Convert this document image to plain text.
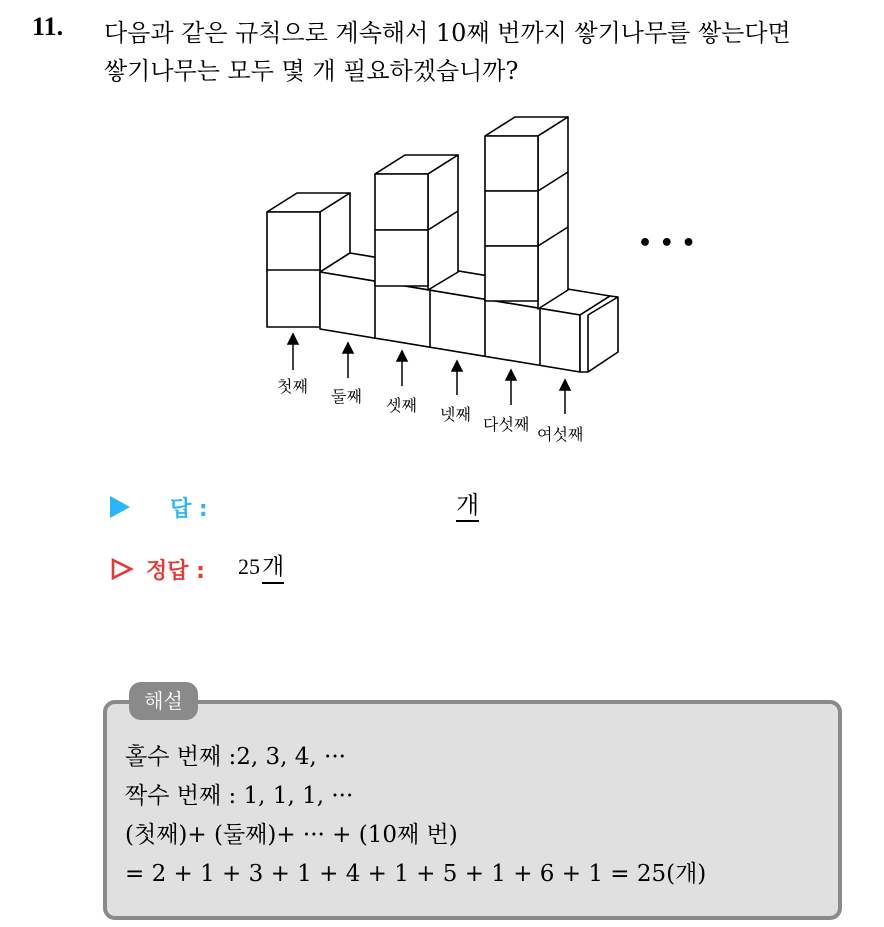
11. 다음과 같은 규칙으로 계속해서 10째 번까지 쌓기나무를 쌓는다면
쌓기나무는 모두 몇 개 필요하겠습니까?
첫째
둘째 셋째 넷째
다섯째
여섯째
• • •
답 :	개
정답 : 25 개
해설
홀수 번째 :2, 3, 4, ···
짝수 번째 : 1, 1, 1, ···
(첫째)+ (둘째)+ ··· + (10째 번)
= 2 + 1 + 3 + 1 + 4 + 1 + 5 + 1 + 6 + 1 = 25(개)
